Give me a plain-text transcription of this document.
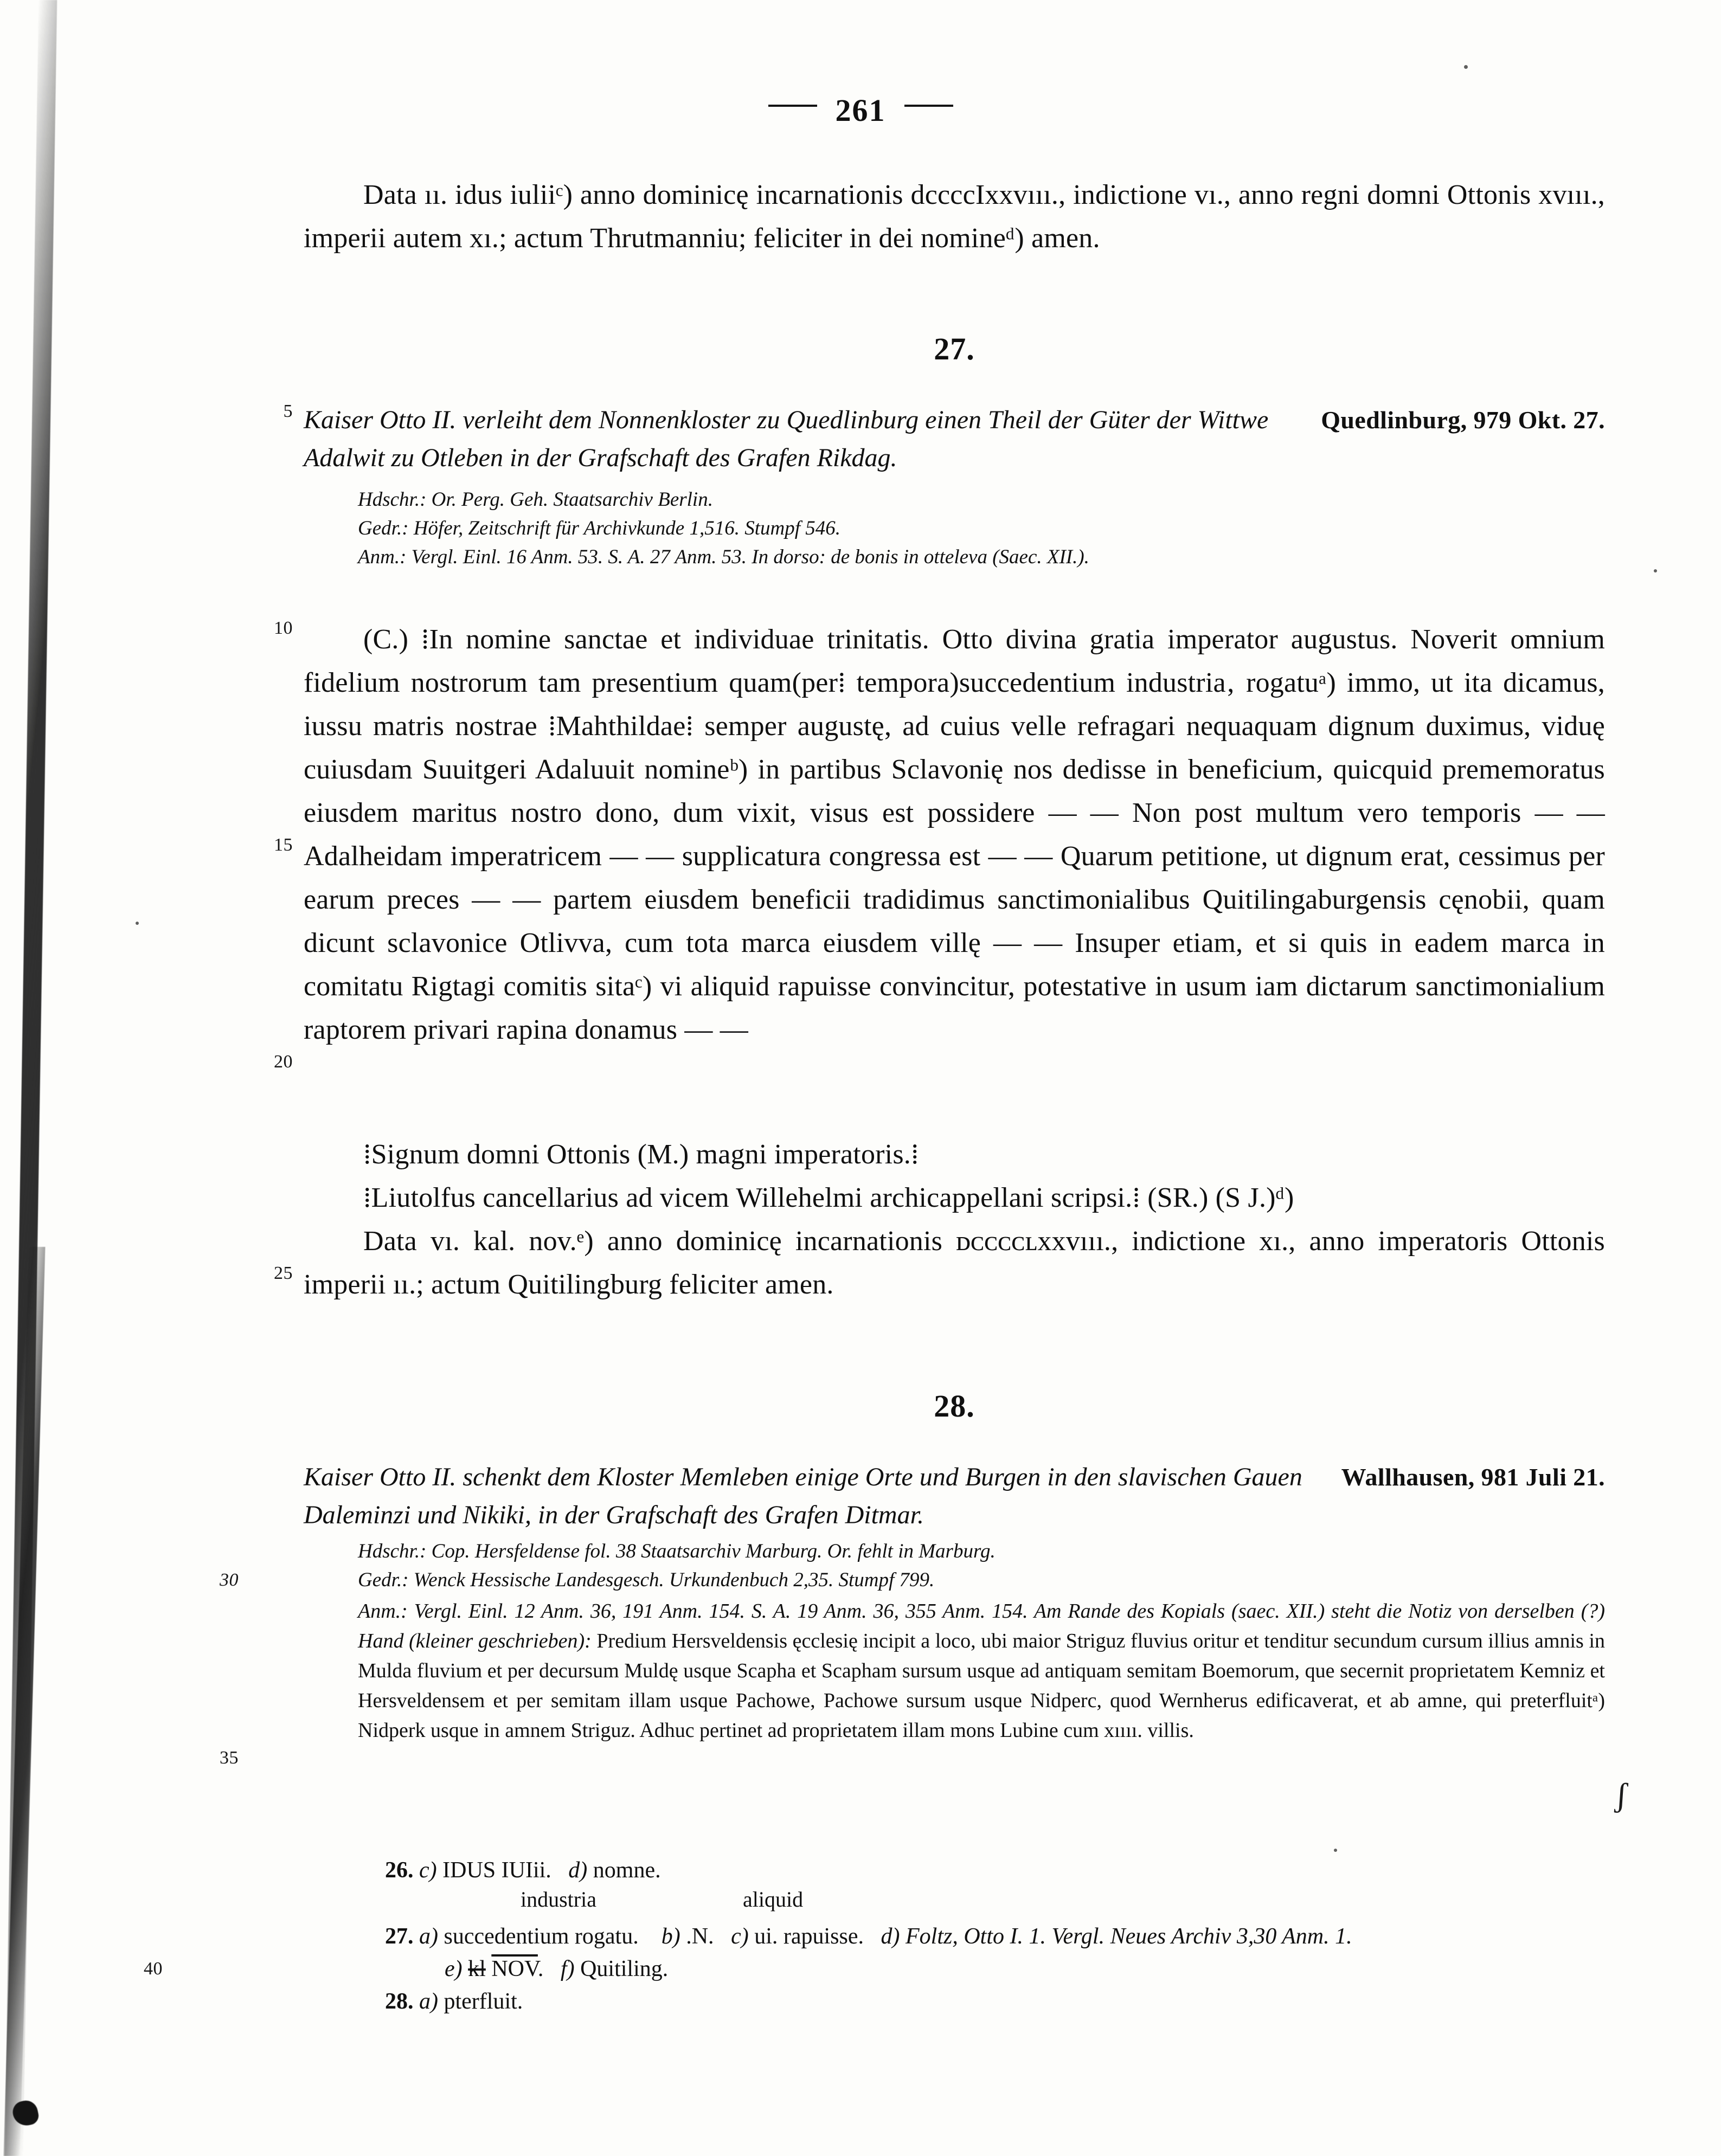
ʃ
261

Data ıı. idus iuliiᶜ) anno dominicę incarnationis dccccIxxvııı., indictione vı., anno regni domni Ottonis xvııı., imperii autem xı.; actum Thrutmanniu; feliciter in dei nomineᵈ) amen.

27.
5	Quedlinburg, 979 Okt. 27.
Kaiser Otto II. verleiht dem Nonnenkloster zu Quedlinburg einen Theil der Güter der Wittwe Adalwit zu Otleben in der Grafschaft des Grafen Rikdag.
Hdschr.: Or. Perg. Geh. Staatsarchiv Berlin.
Gedr.: Höfer, Zeitschrift für Archivkunde 1,516. Stumpf 546.
Anm.: Vergl. Einl. 16 Anm. 53. S. A. 27 Anm. 53. In dorso: de bonis in otteleva (Saec. XII.).
10
15
20

(C.) ⁞In nomine sanctae et individuae trinitatis. Otto divina gratia imperator augustus. Noverit omnium fidelium nostrorum tam presentium quam(per⁞ tempora)succedentium industria‚ rogatuᵃ) immo, ut ita dicamus, iussu matris nostrae ⁞Mahthildae⁞ semper augustę, ad cuius velle refragari nequaquam dignum duximus, viduę cuiusdam Suuitgeri Adaluuit nomineᵇ) in partibus Sclavonię nos dedisse in beneficium, quicquid prememoratus eiusdem maritus nostro dono, dum vixit, visus est possidere — — Non post multum vero temporis — — Adalheidam imperatricem — — supplicatura congressa est — — Quarum petitione, ut dignum erat, cessimus per earum preces — — partem eiusdem beneficii tradidimus sanctimonialibus Quitilingaburgensis cęnobii, quam dicunt sclavonice Otlivva, cum tota marca eiusdem villę — — Insuper etiam, et si quis in eadem marca in comitatu Rigtagi comitis sitaᶜ) vi aliquid rapuisse convincitur, potestative in usum iam dictarum sanctimonialium raptorem privari rapina donamus — —

⁞Signum domni Ottonis (M.) magni imperatoris.⁞

⁞Liutolfus cancellarius ad vicem Willehelmi archicappellani scripsi.⁞ (SR.) (S J.)ᵈ)

25

Data vı. kal. nov.ᵉ) anno dominicę incarnationis ᴅᴄᴄᴄᴄʟxxvııı., indictione xı., anno imperatoris Ottonis imperii ıı.; actum Quitilingburg feliciter amen.

28.
Wallhausen, 981 Juli 21.
Kaiser Otto II. schenkt dem Kloster Memleben einige Orte und Burgen in den slavischen Gauen Daleminzi und Nikiki, in der Grafschaft des Grafen Ditmar.
Hdschr.: Cop. Hersfeldense fol. 38 Staatsarchiv Marburg. Or. fehlt in Marburg.
30	Gedr.: Wenck Hessische Landesgesch. Urkundenbuch 2,35. Stumpf 799.
35
Anm.: Vergl. Einl. 12 Anm. 36, 191 Anm. 154. S. A. 19 Anm. 36, 355 Anm. 154. Am Rande des Kopials (saec. XII.) steht die Notiz von derselben (?) Hand (kleiner geschrieben): Predium Hersveldensis ęcclesię incipit a loco, ubi maior Striguz fluvius oritur et tenditur secundum cursum illius amnis in Mulda fluvium et per decursum Muldę usque Scapha et Scapham sursum usque ad antiquam semitam Boemorum, que secernit proprietatem Kemniz et Hersveldensem et per semitam illam usque Pachowe, Pachowe sursum usque Nidperc, quod Wernherus edificaverat, et ab amne, qui preterfluitᵃ) Nidperk usque in amnem Striguz. Adhuc pertinet ad proprietatem illam mons Lubine cum xıııı. villis.
26. c) IDUS IUIii. d) nomne.
industria	aliquid
27. a) succedentium rogatu. b) .N. c) ui. rapuisse. d) Foltz, Otto I. 1. Vergl. Neues Archiv 3,30 Anm. 1.
40	e) kl $\overline{NOV}$. f) Quitiling.
28. a) pterfluit.
